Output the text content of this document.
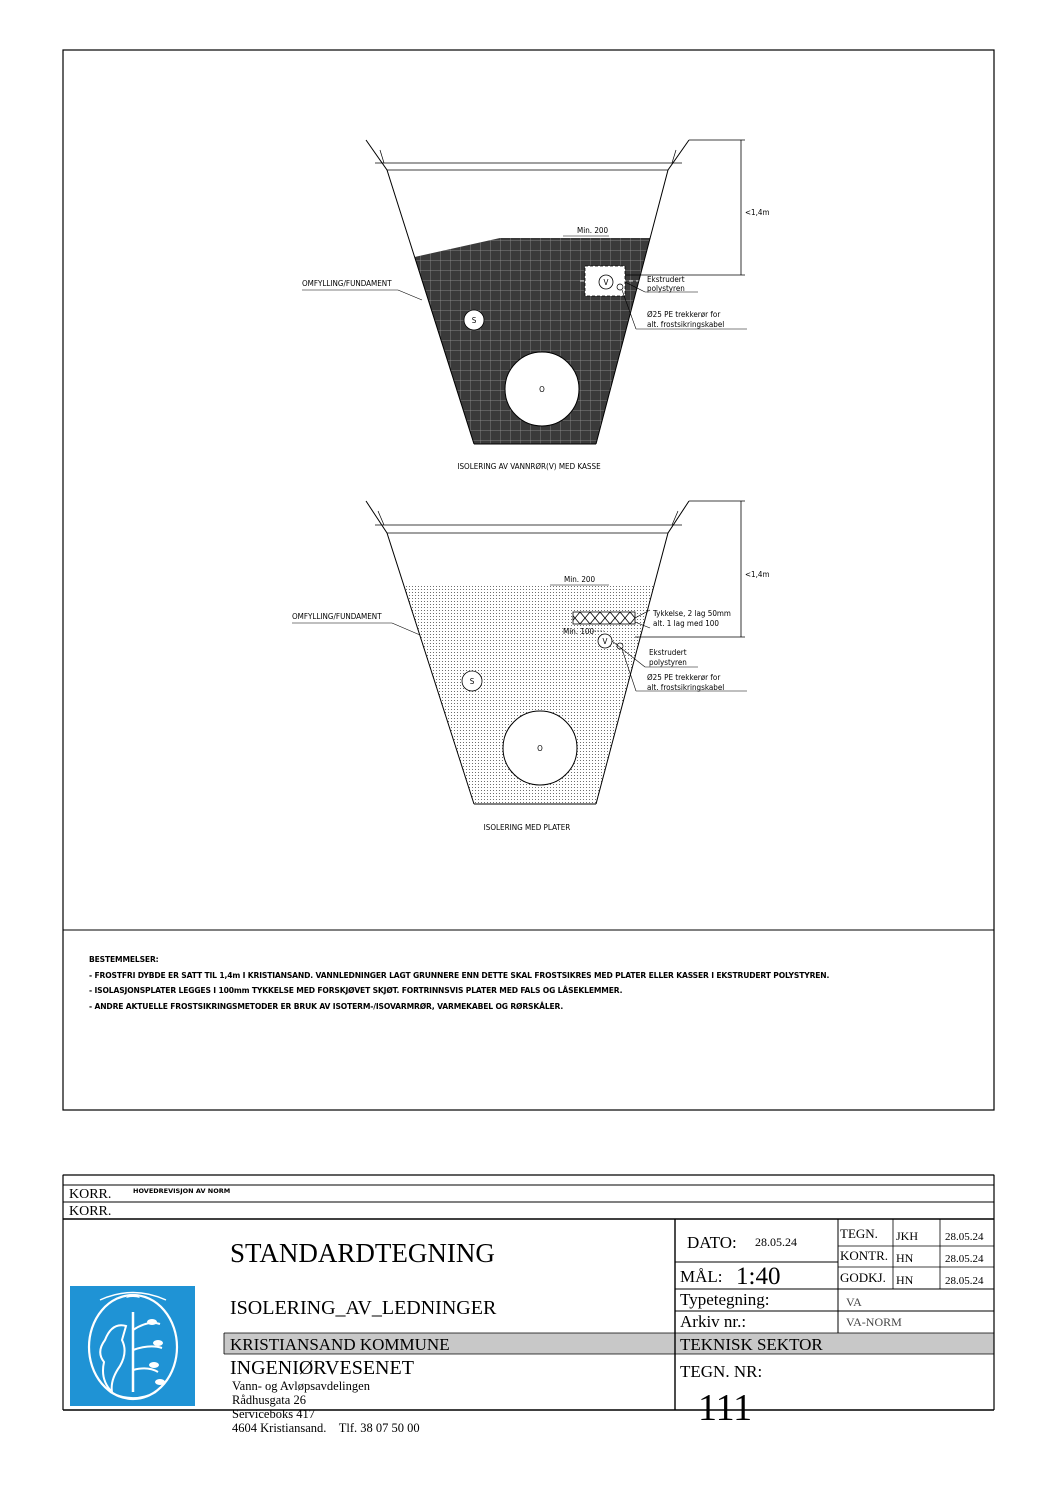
O
S
V
<1,4m
Min. 200
OMFYLLING/FUNDAMENT	Ekstrudert
polystyren
Ø25 PE trekkerør for
alt. frostsikringskabel
ISOLERING AV VANNRØR(V) MED KASSE
O
S
V
<1,4m
Min. 200
Min. 100
OMFYLLING/FUNDAMENT	Tykkelse, 2 lag 50mm
alt. 1 lag med 100
Ekstrudert
polystyren
Ø25 PE trekkerør for
alt. frostsikringskabel
ISOLERING MED PLATER
KORR.	HOVEDREVISJON AV NORM
KORR.
STANDARDTEGNING
ISOLERING_AV_LEDNINGER
KRISTIANSAND KOMMUNE
INGENIØRVESENET
Vann- og Avløpsavdelingen
Rådhusgata 26
Serviceboks 417
4604 Kristiansand.    Tlf. 38 07 50 00
DATO: 28.05.24
MÅL: 1:40
Typetegning:	VA
Arkiv nr.:	VA-NORM
TEKNISK SEKTOR
TEGN. NR:
111
TEGN. JKH 28.05.24
KONTR. HN	28.05.24
GODKJ. HN	28.05.24
BESTEMMELSER:
- FROSTFRI DYBDE ER SATT TIL 1,4m I KRISTIANSAND. VANNLEDNINGER LAGT GRUNNERE ENN DETTE SKAL FROSTSIKRES MED PLATER ELLER KASSER I EKSTRUDERT POLYSTYREN.
- ISOLASJONSPLATER LEGGES I 100mm TYKKELSE MED FORSKJØVET SKJØT. FORTRINNSVIS PLATER MED FALS OG LÅSEKLEMMER.
- ANDRE AKTUELLE FROSTSIKRINGSMETODER ER BRUK AV ISOTERM-/ISOVARMRØR, VARMEKABEL OG RØRSKÅLER.
